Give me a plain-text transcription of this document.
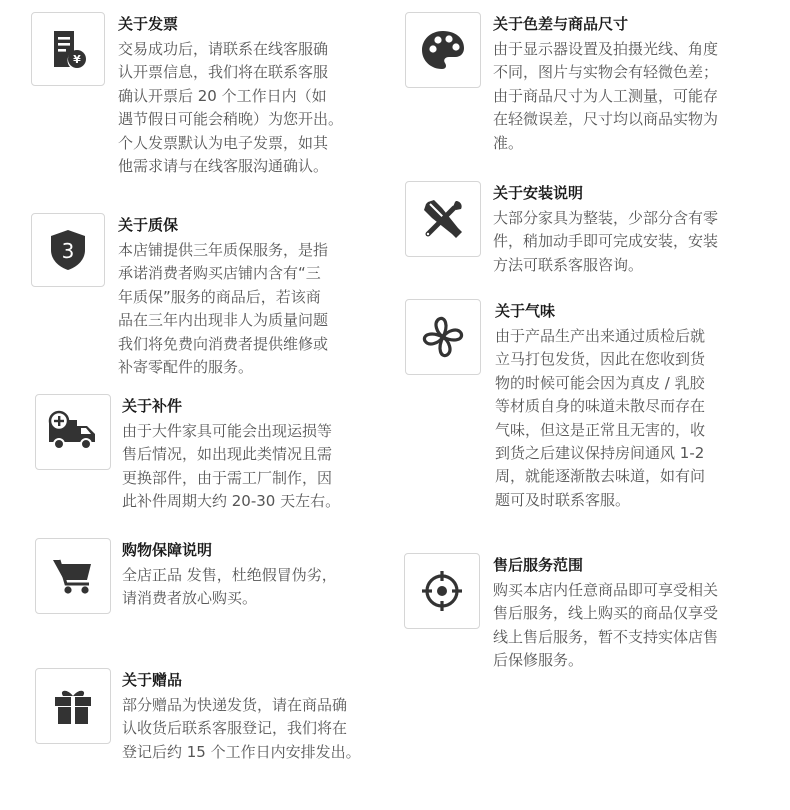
¥
关于发票
交易成功后，请联系在线客服确
认开票信息，我们将在联系客服
确认开票后 20 个工作日内（如
遇节假日可能会稍晚）为您开出。
个人发票默认为电子发票，如其
他需求请与在线客服沟通确认。
3
关于质保
本店铺提供三年质保服务，是指
承诺消费者购买店铺内含有“三
年质保”服务的商品后，若该商
品在三年内出现非人为质量问题
我们将免费向消费者提供维修或
补寄零配件的服务。
关于补件
由于大件家具可能会出现运损等
售后情况，如出现此类情况且需
更换部件，由于需工厂制作，因
此补件周期大约 20-30 天左右。
购物保障说明
全店正品 发售，杜绝假冒伪劣，
请消费者放心购买。
关于赠品
部分赠品为快递发货，请在商品确
认收货后联系客服登记，我们将在
登记后约 15 个工作日内安排发出。
关于色差与商品尺寸
由于显示器设置及拍摄光线、角度
不同，图片与实物会有轻微色差；
由于商品尺寸为人工测量，可能存
在轻微误差，尺寸均以商品实物为
准。
关于安装说明
大部分家具为整装，少部分含有零
件，稍加动手即可完成安装，安装
方法可联系客服咨询。
关于气味
由于产品生产出来通过质检后就
立马打包发货，因此在您收到货
物的时候可能会因为真皮 / 乳胶
等材质自身的味道未散尽而存在
气味，但这是正常且无害的，收
到货之后建议保持房间通风 1-2
周，就能逐渐散去味道，如有问
题可及时联系客服。
售后服务范围
购买本店内任意商品即可享受相关
售后服务，线上购买的商品仅享受
线上售后服务，暂不支持实体店售
后保修服务。
